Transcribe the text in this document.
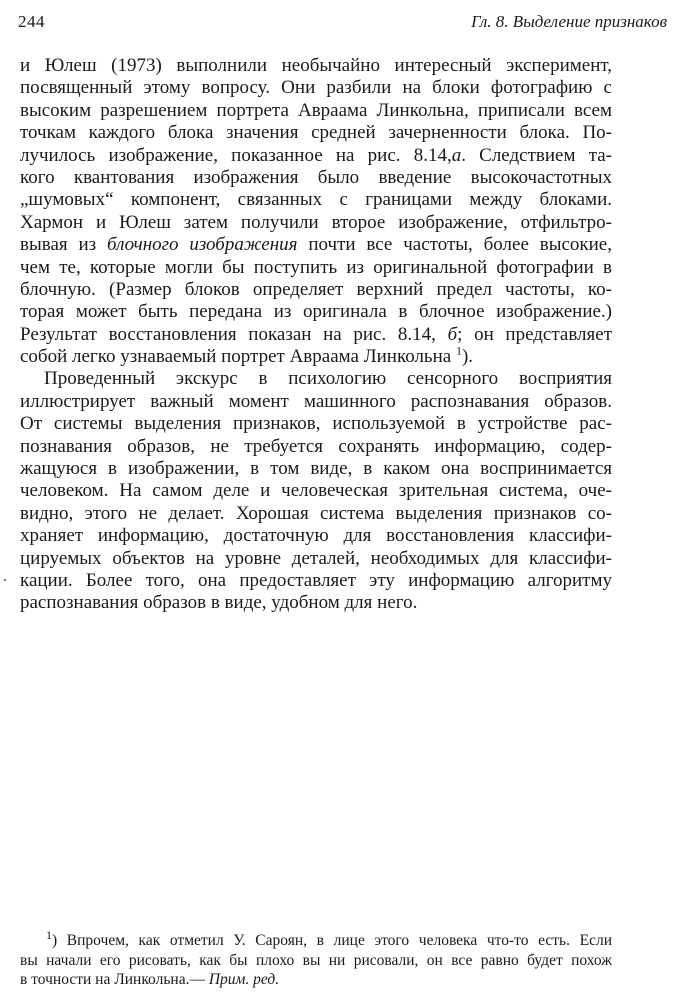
244	Гл. 8. Выделение признаков
и Юлеш (1973) выполнили необычайно интересный эксперимент,
посвященный этому вопросу. Они разбили на блоки фотографию с
высоким разрешением портрета Авраама Линкольна, приписали всем
точкам каждого блока значения средней зачерненности блока. По-
лучилось изображение, показанное на рис. 8.14,а. Следствием та-
кого квантования изображения было введение высокочастотных
„шумовых“ компонент, связанных с границами между блоками.
Хармон и Юлеш затем получили второе изображение, отфильтро-
вывая из блочного изображения почти все частоты, более высокие,
чем те, которые могли бы поступить из оригинальной фотографии в
блочную. (Размер блоков определяет верхний предел частоты, ко-
торая может быть передана из оригинала в блочное изображение.)
Результат восстановления показан на рис. 8.14, б; он представляет
собой легко узнаваемый портрет Авраама Линкольна $^1$).
Проведенный экскурс в психологию сенсорного восприятия
иллюстрирует важный момент машинного распознавания образов.
От системы выделения признаков, используемой в устройстве рас-
познавания образов, не требуется сохранять информацию, содер-
жащуюся в изображении, в том виде, в каком она воспринимается
человеком. На самом деле и человеческая зрительная система, оче-
видно, этого не делает. Хорошая система выделения признаков со-
храняет информацию, достаточную для восстановления классифи-
цируемых объектов на уровне деталей, необходимых для классифи-
кации. Более того, она предоставляет эту информацию алгоритму
распознавания образов в виде, удобном для него.
$^1$) Впрочем, как отметил У. Сароян, в лице этого человека что-то есть. Если
вы начали его рисовать, как бы плохо вы ни рисовали, он все равно будет похож
в точности на Линкольна.— Прим. ред.
